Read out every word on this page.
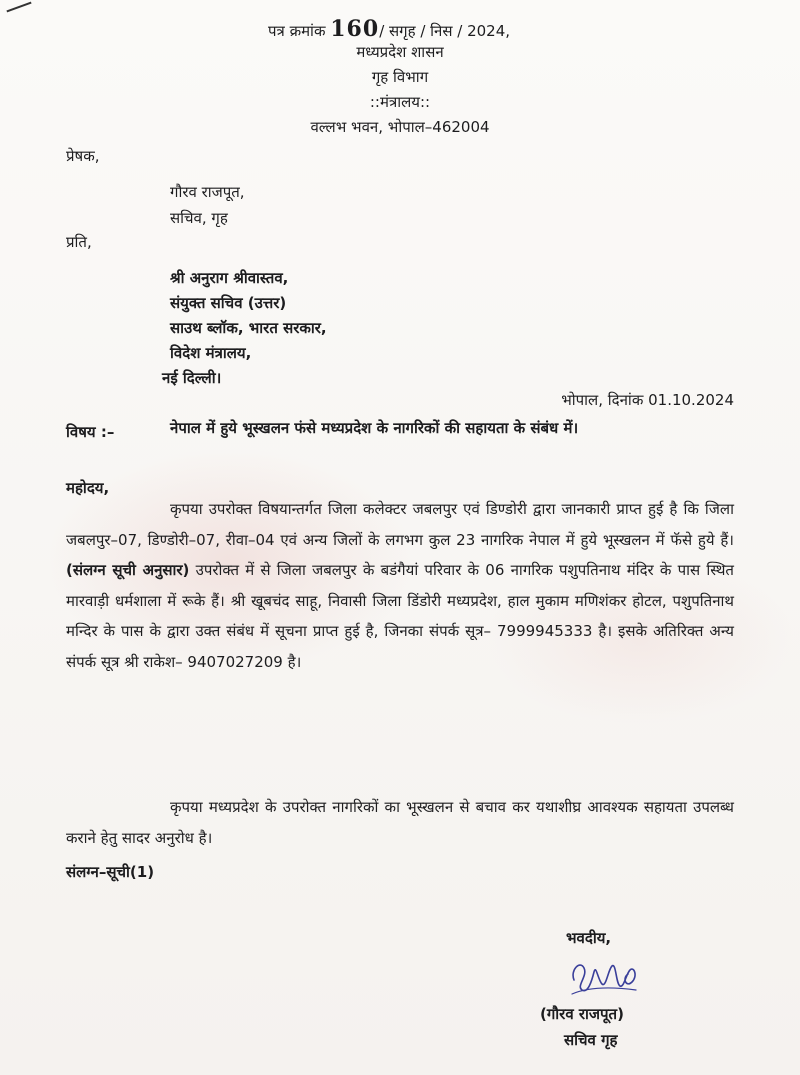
पत्र क्रमांक 160/ सगृह / निस / 2024,
मध्यप्रदेश शासन
गृह विभाग
::मंत्रालय::
वल्लभ भवन, भोपाल–462004
प्रेषक,
गौरव राजपूत,
सचिव, गृह
प्रति,
श्री अनुराग श्रीवास्तव,
संयुक्त सचिव (उत्तर)
साउथ ब्लॉक, भारत सरकार,
विदेश मंत्रालय,
नई दिल्ली।
भोपाल, दिनांक 01.10.2024
विषय :–	नेपाल में हुये भूस्खलन फंसे मध्यप्रदेश के नागरिकों की सहायता के संबंध में।
महोदय,

कृपया उपरोक्त विषयान्तर्गत जिला कलेक्टर जबलपुर एवं डिण्डोरी द्वारा जानकारी प्राप्त हुई है कि जिला जबलपुर–07, डिण्डोरी–07, रीवा–04 एवं अन्य जिलों के लगभग कुल 23 नागरिक नेपाल में हुये भूस्खलन में फॅसे हुये हैं। (संलग्न सूची अनुसार) उपरोक्त में से जिला जबलपुर के बडंगैयां परिवार के 06 नागरिक पशुपतिनाथ मंदिर के पास स्थित मारवाड़ी धर्मशाला में रूके हैं। श्री खूबचंद साहू, निवासी जिला डिंडोरी मध्यप्रदेश, हाल मुकाम मणिशंकर होटल, पशुपतिनाथ मन्दिर के पास के द्वारा उक्त संबंध में सूचना प्राप्त हुई है, जिनका संपर्क सूत्र– 7999945333 है। इसके अतिरिक्त अन्य संपर्क सूत्र श्री राकेश– 9407027209 है।

कृपया मध्यप्रदेश के उपरोक्त नागरिकों का भूस्खलन से बचाव कर यथाशीघ्र आवश्यक सहायता उपलब्ध कराने हेतु सादर अनुरोध है।

संलग्न–सूची(1)
भवदीय,
(गौरव राजपूत)
सचिव गृह
